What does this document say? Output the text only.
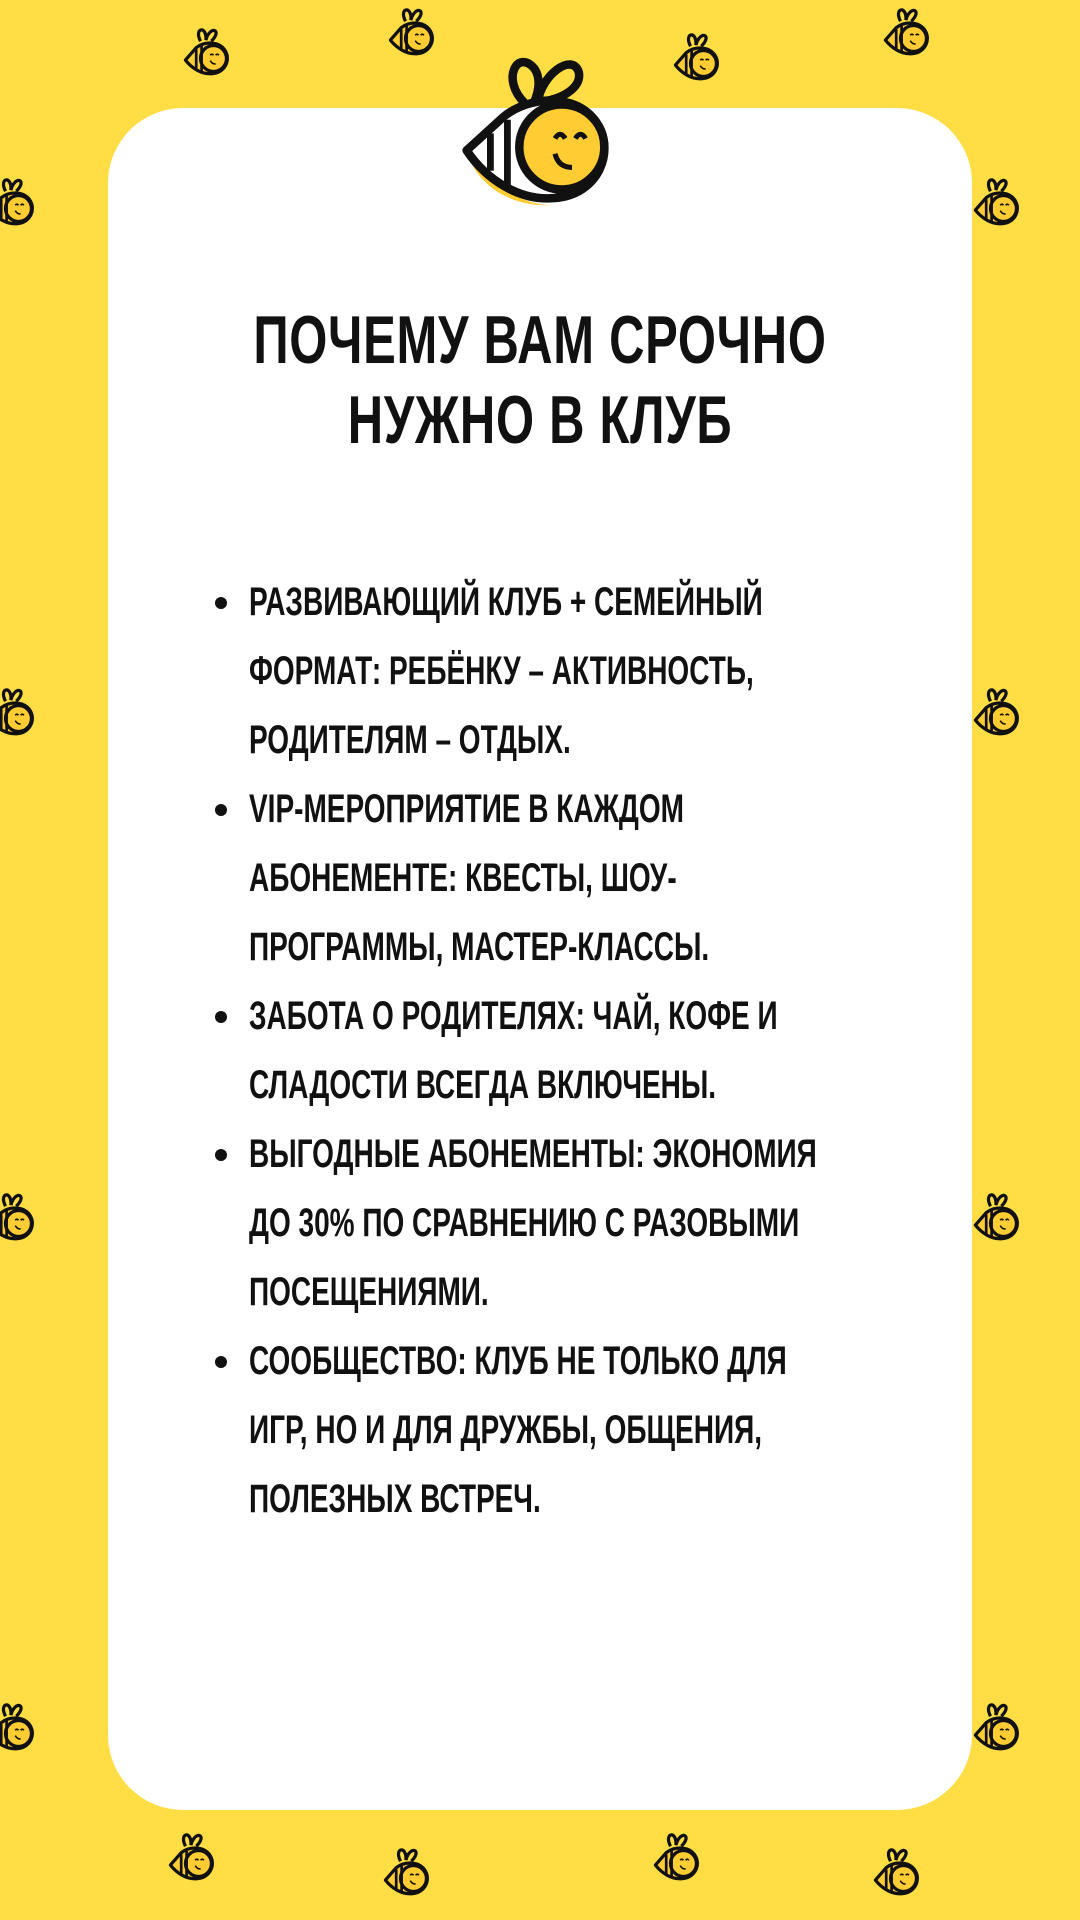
ПОЧЕМУ ВАМ СРОЧНО
НУЖНО В КЛУБ
РАЗВИВАЮЩИЙ КЛУБ + СЕМЕЙНЫЙ
ФОРМАТ: РЕБЁНКУ – АКТИВНОСТЬ,
РОДИТЕЛЯМ – ОТДЫХ.
VIP-МЕРОПРИЯТИЕ В КАЖДОМ
АБОНЕМЕНТЕ: КВЕСТЫ, ШОУ-
ПРОГРАММЫ, МАСТЕР-КЛАССЫ.
ЗАБОТА О РОДИТЕЛЯХ: ЧАЙ, КОФЕ И
СЛАДОСТИ ВСЕГДА ВКЛЮЧЕНЫ.
ВЫГОДНЫЕ АБОНЕМЕНТЫ: ЭКОНОМИЯ
ДО 30% ПО СРАВНЕНИЮ С РАЗОВЫМИ
ПОСЕЩЕНИЯМИ.
СООБЩЕСТВО: КЛУБ НЕ ТОЛЬКО ДЛЯ
ИГР, НО И ДЛЯ ДРУЖБЫ, ОБЩЕНИЯ,
ПОЛЕЗНЫХ ВСТРЕЧ.
